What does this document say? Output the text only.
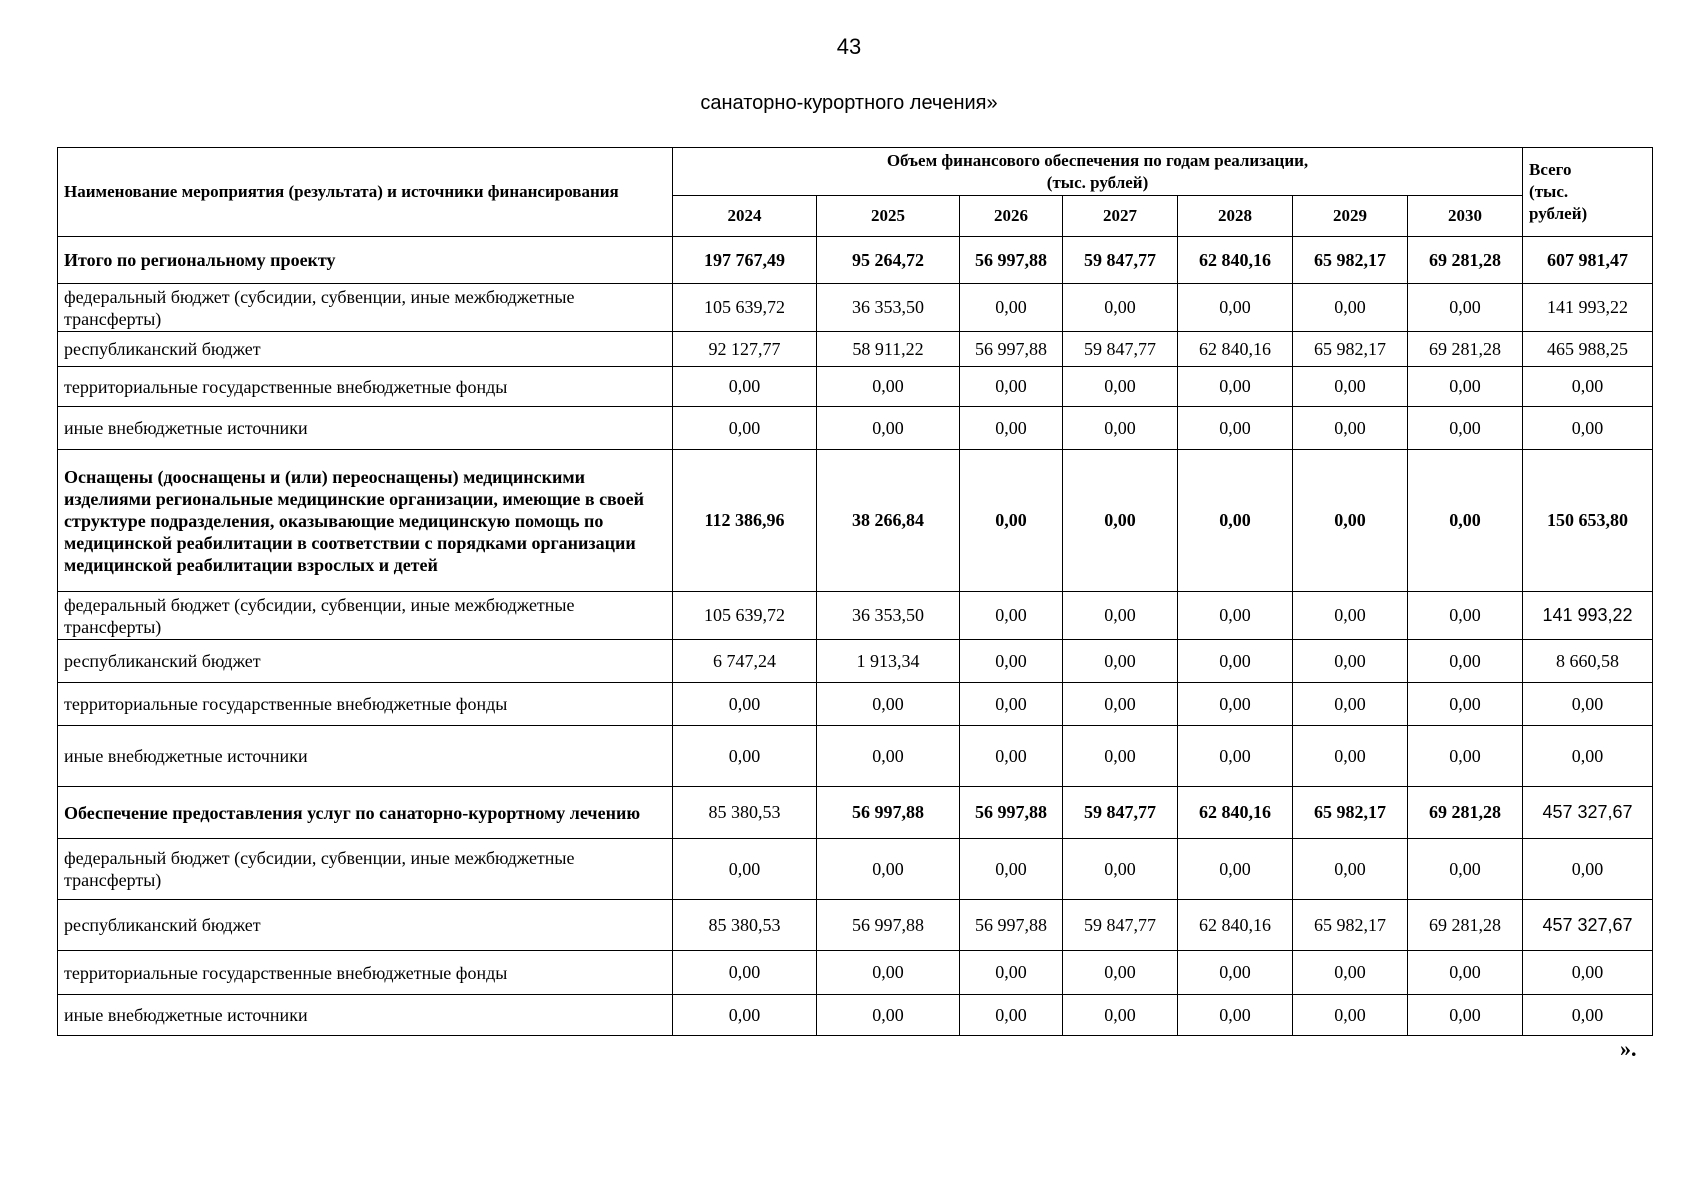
43
санаторно-курортного лечения»
Наименование мероприятия (результата) и источники финансирования	Объем финансового обеспечения по годам реализации,
(тыс. рублей)							Всего
(тыс.
рублей)
	2024	2025	2026	2027	2028	2029	2030	
Итого по региональному проекту	197 767,49	95 264,72	56 997,88	59 847,77	62 840,16	65 982,17	69 281,28	607 981,47
федеральный бюджет (субсидии, субвенции, иные межбюджетные трансферты)	105 639,72	36 353,50	0,00	0,00	0,00	0,00	0,00	141 993,22
республиканский бюджет	92 127,77	58 911,22	56 997,88	59 847,77	62 840,16	65 982,17	69 281,28	465 988,25
территориальные государственные внебюджетные фонды	0,00	0,00	0,00	0,00	0,00	0,00	0,00	0,00
иные внебюджетные источники	0,00	0,00	0,00	0,00	0,00	0,00	0,00	0,00
Оснащены (дооснащены и (или) переоснащены) медицинскими изделиями региональные медицинские организации, имеющие в своей структуре подразделения, оказывающие медицинскую помощь по медицинской реабилитации в соответствии с порядками организации медицинской реабилитации взрослых и детей	112 386,96	38 266,84	0,00	0,00	0,00	0,00	0,00	150 653,80
федеральный бюджет (субсидии, субвенции, иные межбюджетные трансферты)	105 639,72	36 353,50	0,00	0,00	0,00	0,00	0,00	141 993,22
республиканский бюджет	6 747,24	1 913,34	0,00	0,00	0,00	0,00	0,00	8 660,58
территориальные государственные внебюджетные фонды	0,00	0,00	0,00	0,00	0,00	0,00	0,00	0,00
иные внебюджетные источники	0,00	0,00	0,00	0,00	0,00	0,00	0,00	0,00
Обеспечение предоставления услуг по санаторно-курортному лечению	85 380,53	56 997,88	56 997,88	59 847,77	62 840,16	65 982,17	69 281,28	457 327,67
федеральный бюджет (субсидии, субвенции, иные межбюджетные трансферты)	0,00	0,00	0,00	0,00	0,00	0,00	0,00	0,00
республиканский бюджет	85 380,53	56 997,88	56 997,88	59 847,77	62 840,16	65 982,17	69 281,28	457 327,67
территориальные государственные внебюджетные фонды	0,00	0,00	0,00	0,00	0,00	0,00	0,00	0,00
иные внебюджетные источники	0,00	0,00	0,00	0,00	0,00	0,00	0,00	0,00
».
